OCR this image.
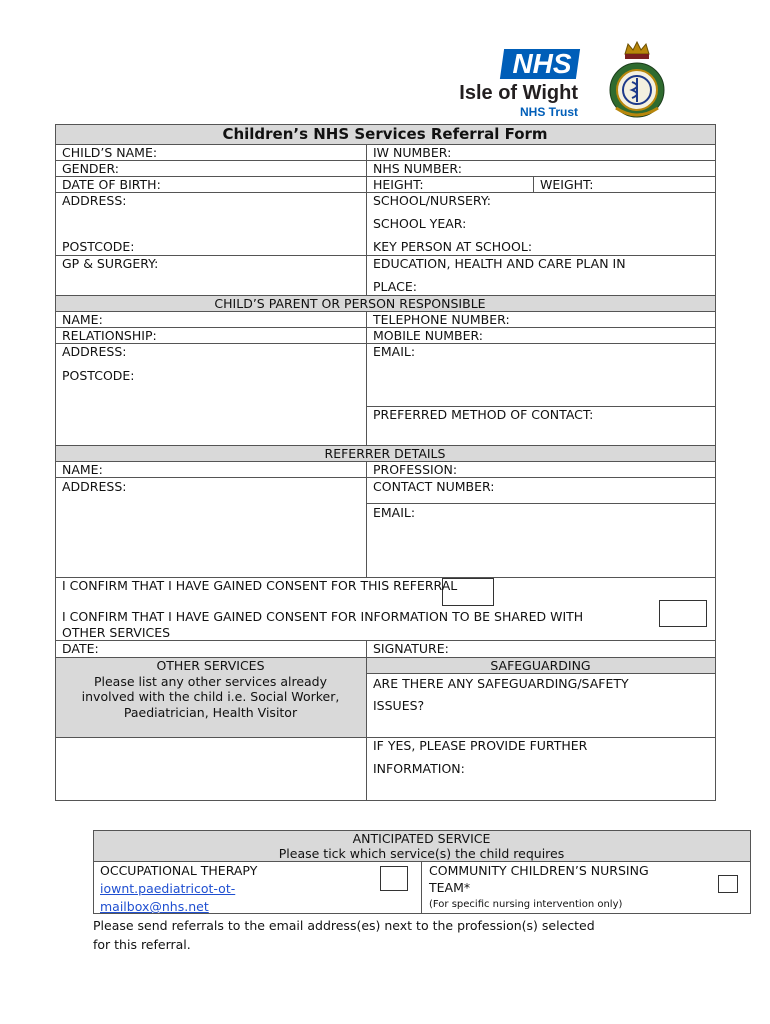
NHS
Isle of Wight
NHS Trust
Children’s NHS Services Referral Form
CHILD’S NAME:	IW NUMBER:
GENDER:	NHS NUMBER:
DATE OF BIRTH:	HEIGHT:	WEIGHT:
ADDRESS:	SCHOOL/NURSERY:
SCHOOL YEAR:
POSTCODE:	KEY PERSON AT SCHOOL:
GP & SURGERY:	EDUCATION, HEALTH AND CARE PLAN IN
PLACE:
CHILD’S PARENT OR PERSON RESPONSIBLE
NAME:	TELEPHONE NUMBER:
RELATIONSHIP:	MOBILE NUMBER:
ADDRESS:	EMAIL:
POSTCODE:
PREFERRED METHOD OF CONTACT:
REFERRER DETAILS
NAME:	PROFESSION:
ADDRESS:	CONTACT NUMBER:
EMAIL:
I CONFIRM THAT I HAVE GAINED CONSENT FOR THIS REFERRAL
I CONFIRM THAT I HAVE GAINED CONSENT FOR INFORMATION TO BE SHARED WITH
OTHER SERVICES
DATE:	SIGNATURE:
OTHER SERVICES
Please list any other services already
involved with the child i.e. Social Worker,
Paediatrician, Health Visitor
SAFEGUARDING
ARE THERE ANY SAFEGUARDING/SAFETY
ISSUES?
IF YES, PLEASE PROVIDE FURTHER
INFORMATION:
ANTICIPATED SERVICE
Please tick which service(s) the child requires
OCCUPATIONAL THERAPY
iownt.paediatricot-ot-
mailbox@nhs.net
COMMUNITY CHILDREN’S NURSING
TEAM*
(For specific nursing intervention only)
Please send referrals to the email address(es) next to the profession(s) selected
for this referral.
